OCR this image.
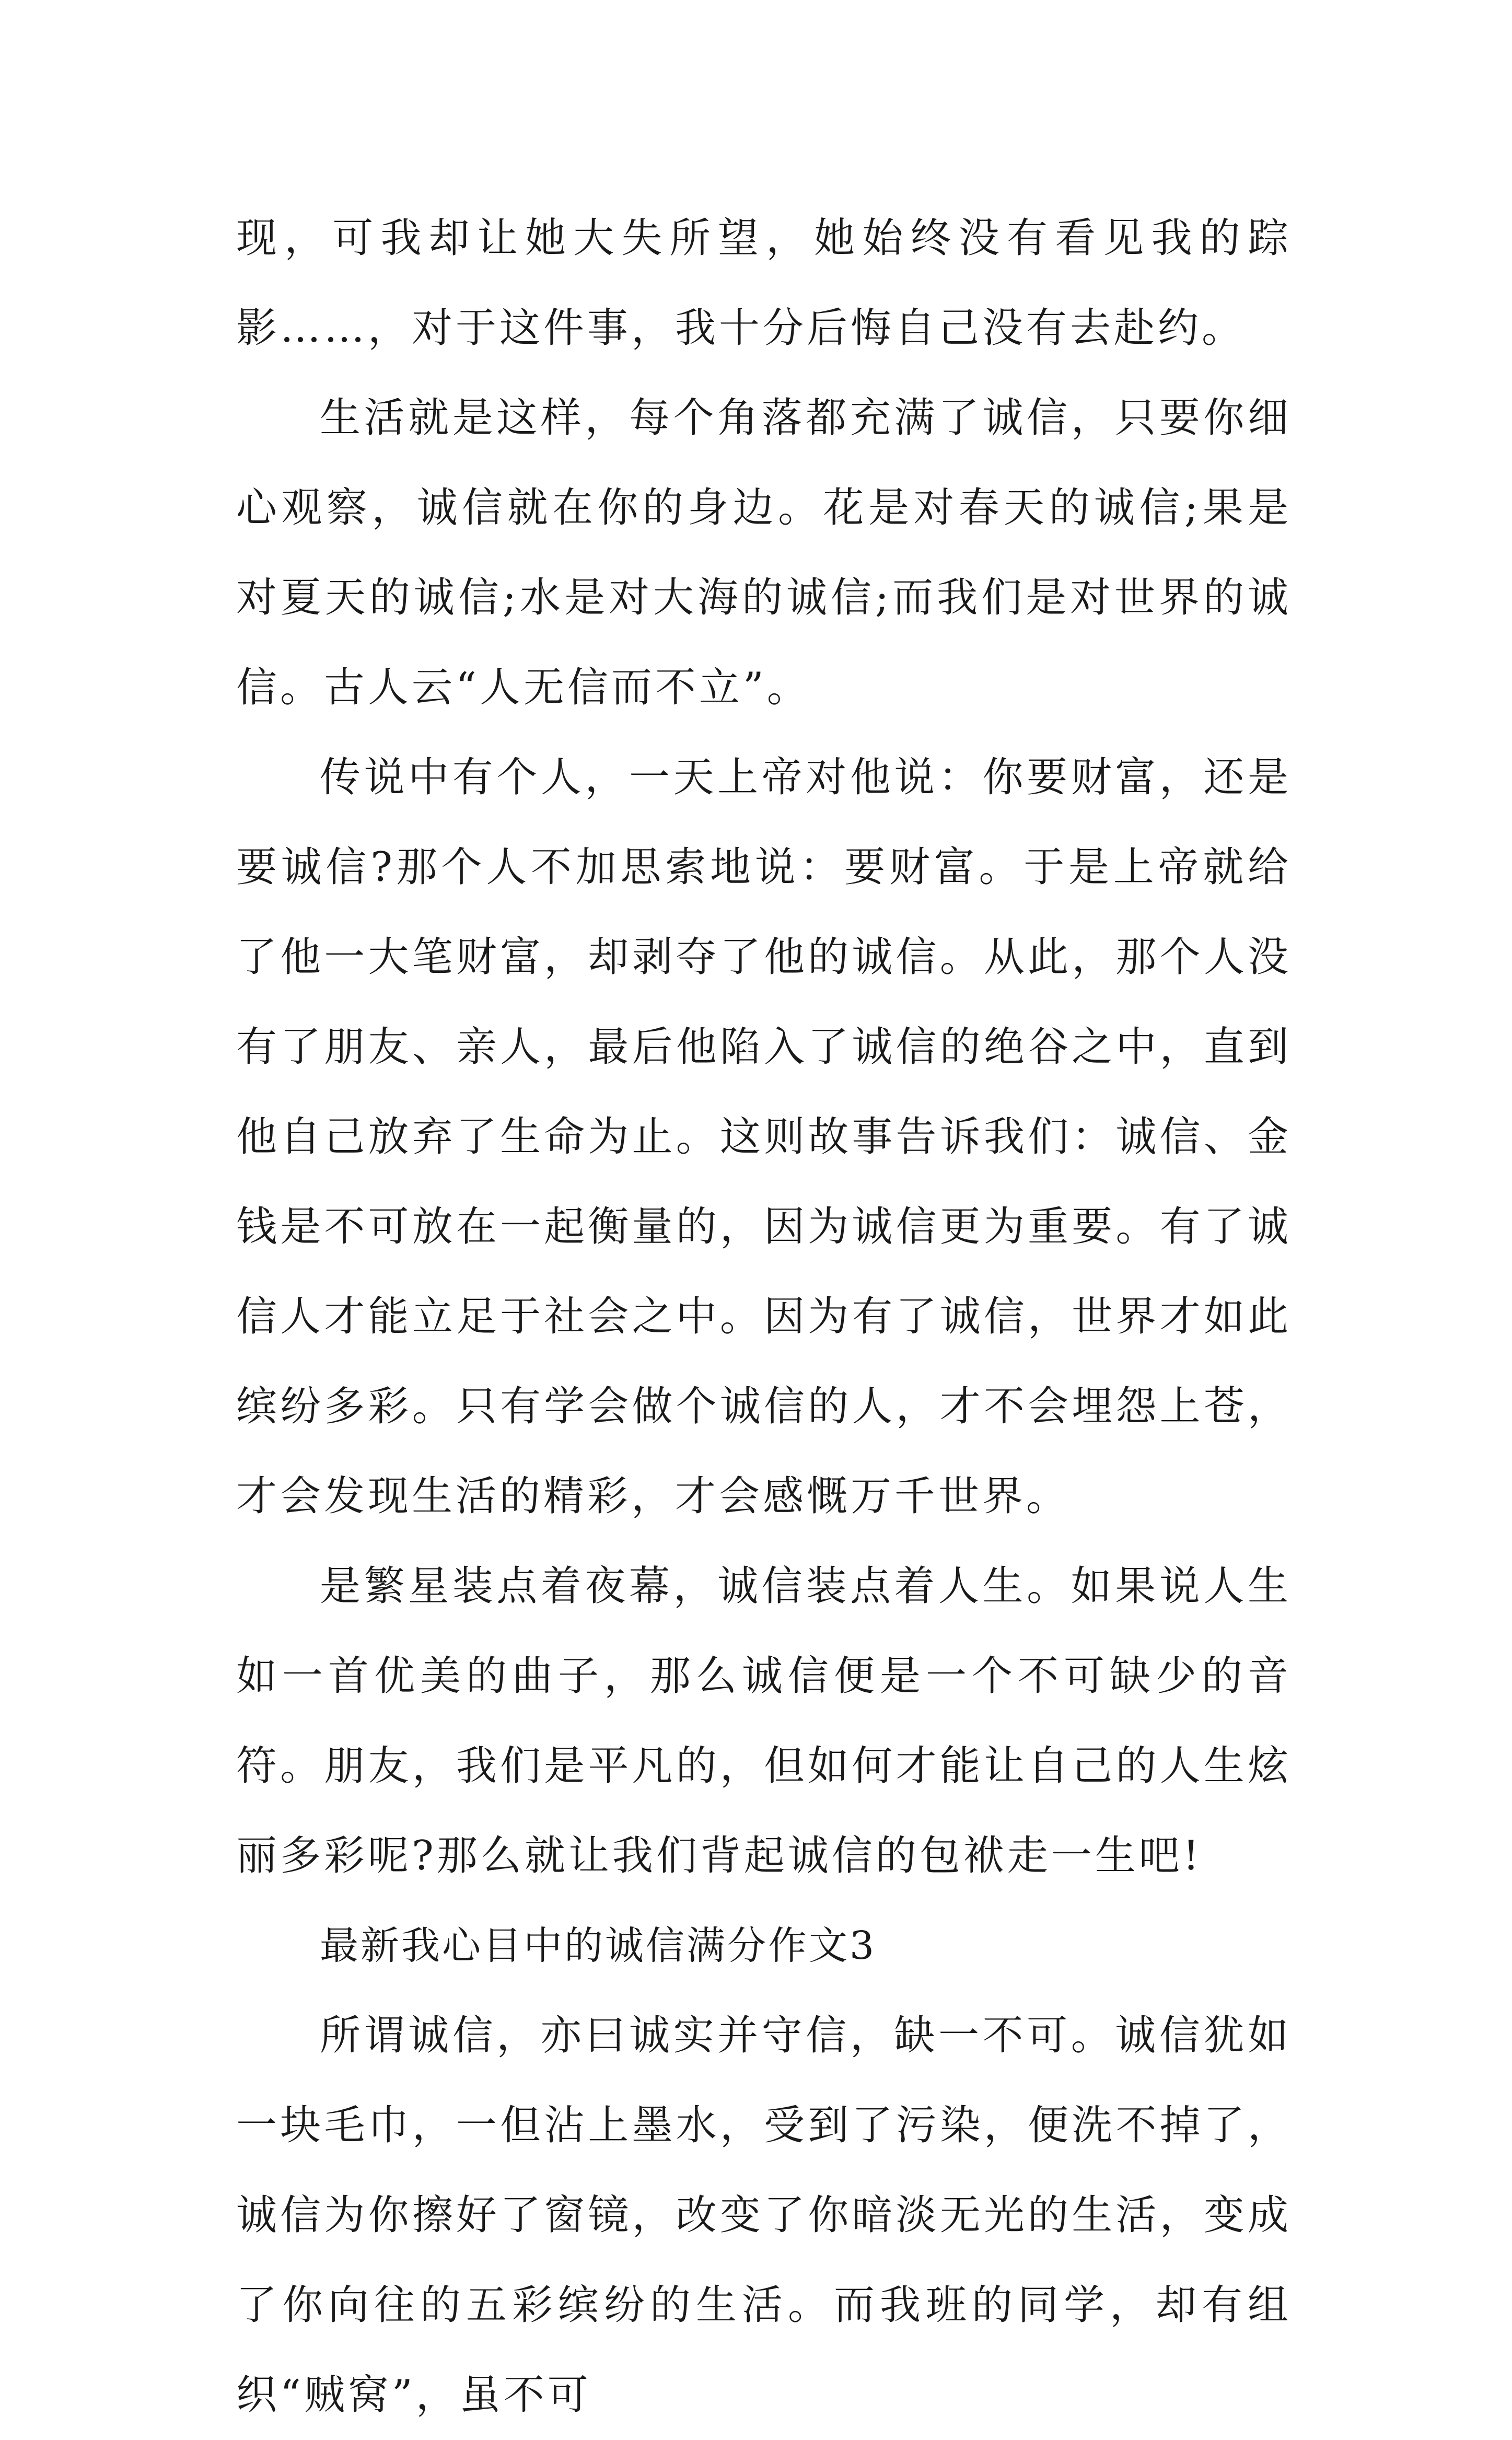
现，可我却让她大失所望，她始终没有看见我的踪影……，对于这件事，我十分后悔自己没有去赴约。

生活就是这样，每个角落都充满了诚信，只要你细心观察，诚信就在你的身边。花是对春天的诚信;果是对夏天的诚信;水是对大海的诚信;而我们是对世界的诚信。古人云“人无信而不立”。

传说中有个人，一天上帝对他说：你要财富，还是要诚信?那个人不加思索地说：要财富。于是上帝就给了他一大笔财富，却剥夺了他的诚信。从此，那个人没有了朋友、亲人，最后他陷入了诚信的绝谷之中，直到他自己放弃了生命为止。这则故事告诉我们：诚信、金钱是不可放在一起衡量的，因为诚信更为重要。有了诚信人才能立足于社会之中。因为有了诚信，世界才如此缤纷多彩。只有学会做个诚信的人，才不会埋怨上苍，才会发现生活的精彩，才会感慨万千世界。

是繁星装点着夜幕，诚信装点着人生。如果说人生如一首优美的曲子，那么诚信便是一个不可缺少的音符。朋友，我们是平凡的，但如何才能让自己的人生炫丽多彩呢?那么就让我们背起诚信的包袱走一生吧!

最新我心目中的诚信满分作文3

所谓诚信，亦曰诚实并守信，缺一不可。诚信犹如一块毛巾，一但沾上墨水，受到了污染，便洗不掉了，诚信为你擦好了窗镜，改变了你暗淡无光的生活，变成了你向往的五彩缤纷的生活。而我班的同学，却有组织“贼窝”，虽不可
